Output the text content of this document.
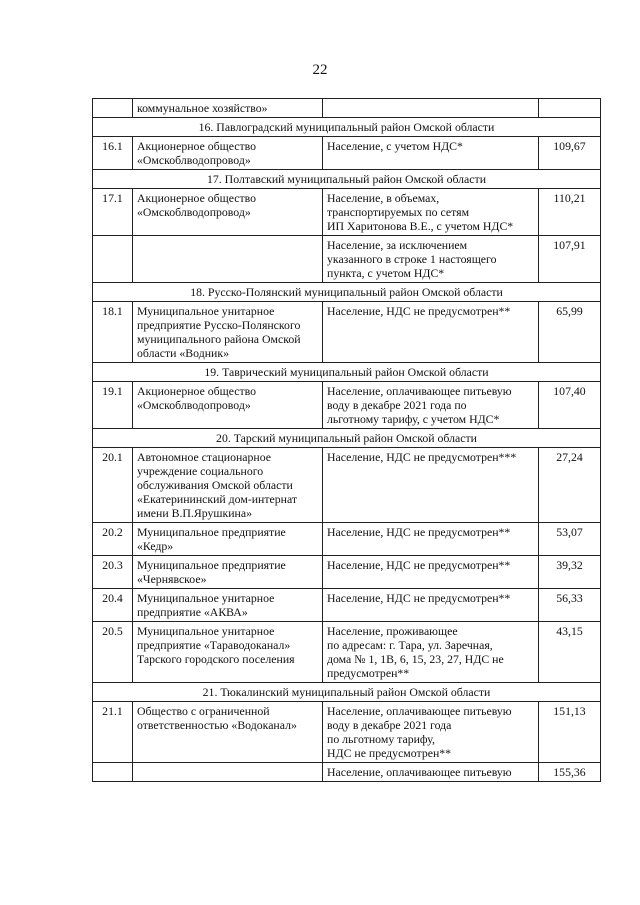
22
	коммунальное хозяйство»		
16. Павлоградский муниципальный район Омской области			
16.1	Акционерное общество
«Омскоблводопровод»	Население, с учетом НДС*	109,67
17. Полтавский муниципальный район Омской области			
17.1	Акционерное общество
«Омскоблводопровод»	Население, в объемах,
транспортируемых по сетям
ИП Харитонова В.Е., с учетом НДС*	110,21
		Население, за исключением
указанного в строке 1 настоящего
пункта, с учетом НДС*	107,91
18. Русско-Полянский муниципальный район Омской области			
18.1	Муниципальное унитарное
предприятие Русско-Полянского
муниципального района Омской
области «Водник»	Население, НДС не предусмотрен**	65,99
19. Таврический муниципальный район Омской области			
19.1	Акционерное общество
«Омскоблводопровод»	Население, оплачивающее питьевую
воду в декабре 2021 года по
льготному тарифу, с учетом НДС*	107,40
20. Тарский муниципальный район Омской области			
20.1	Автономное стационарное
учреждение социального
обслуживания Омской области
«Екатерининский дом-интернат
имени В.П.Ярушкина»	Население, НДС не предусмотрен***	27,24
20.2	Муниципальное предприятие
«Кедр»	Население, НДС не предусмотрен**	53,07
20.3	Муниципальное предприятие
«Чернявское»	Население, НДС не предусмотрен**	39,32
20.4	Муниципальное унитарное
предприятие «АКВА»	Население, НДС не предусмотрен**	56,33
20.5	Муниципальное унитарное
предприятие «Тараводоканал»
Тарского городского поселения	Население, проживающее
по адресам: г. Тара, ул. Заречная,
дома № 1, 1В, 6, 15, 23, 27, НДС не
предусмотрен**	43,15
21. Тюкалинский муниципальный район Омской области			
21.1	Общество с ограниченной
ответственностью «Водоканал»	Население, оплачивающее питьевую
воду в декабре 2021 года
по льготному тарифу,
НДС не предусмотрен**	151,13
		Население, оплачивающее питьевую	155,36
